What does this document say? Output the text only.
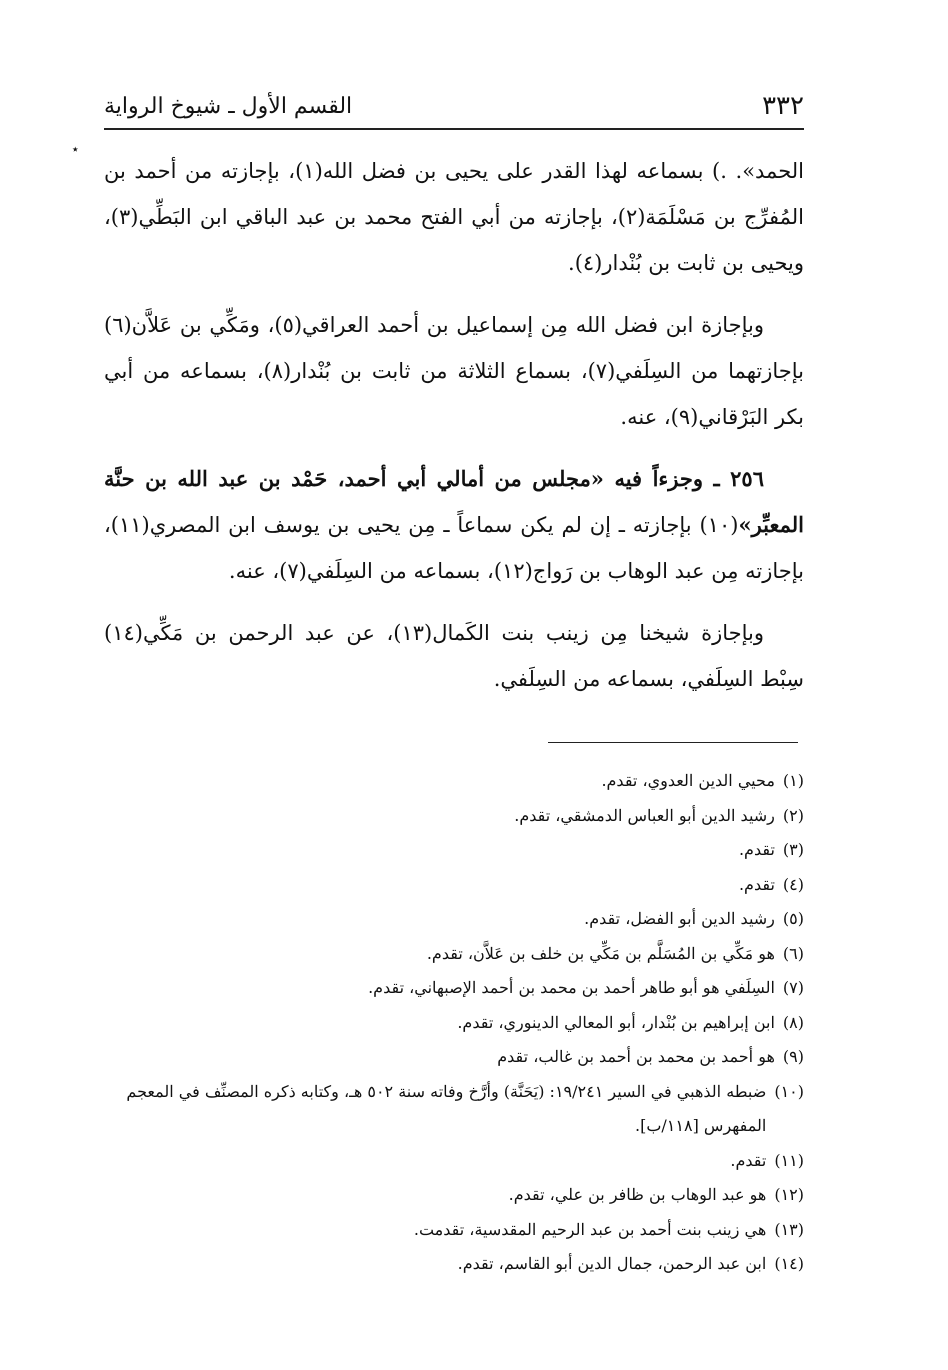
٣٣٢
القسم الأول ـ شيوخ الرواية
٭

الحمد». .) بسماعه لهذا القدر على يحيى بن فضل الله(١)، بإجازته من أحمد بن المُفرِّج بن مَسْلَمَة(٢)، بإجازته من أبي الفتح محمد بن عبد الباقي ابن البَطِّي(٣)، ويحيى بن ثابت بن بُنْدار(٤).

وبإجازة ابن فضل الله مِن إسماعيل بن أحمد العراقي(٥)، ومَكِّي بن عَلاَّن(٦) بإجازتهما من السِلَفي(٧)، بسماع الثلاثة من ثابت بن بُنْدار(٨)، بسماعه من أبي بكر البَرْقاني(٩)، عنه.

٢٥٦ ـ وجزءاً فيه «مجلس من أمالي أبي أحمد، حَمْد بن عبد الله بن حنَّة المعبِّر»(١٠) بإجازته ـ إن لم يكن سماعاً ـ مِن يحيى بن يوسف ابن المصري(١١)، بإجازته مِن عبد الوهاب بن رَواج(١٢)، بسماعه من السِلَفي(٧)، عنه.

وبإجازة شيخنا مِن زينب بنت الكَمال(١٣)، عن عبد الرحمن بن مَكِّي(١٤) سِبْط السِلَفي، بسماعه من السِلَفي.

(١)
محيي الدين العدوي، تقدم.
(٢)
رشيد الدين أبو العباس الدمشقي، تقدم.
(٣)
تقدم.
(٤)
تقدم.
(٥)
رشيد الدين أبو الفضل، تقدم.
(٦)
هو مَكِّي بن المُسَلَّم بن مَكِّي بن خلف بن عَلاَّن، تقدم.
(٧)
السِلَفي هو أبو طاهر أحمد بن محمد بن أحمد الإصبهاني، تقدم.
(٨)
ابن إبراهيم بن بُنْدار، أبو المعالي الدينوري، تقدم.
(٩)
هو أحمد بن محمد بن أحمد بن غالب، تقدم
(١٠)
ضبطه الذهبي في السير ١٩/٢٤١: (يَحَنَّة) وأرَّخ وفاته سنة ٥٠٢ هـ، وكتابه ذكره المصنِّف في المعجم المفهرس [١١٨/ب].
(١١)
تقدم.
(١٢)
هو عبد الوهاب بن ظافر بن علي، تقدم.
(١٣)
هي زينب بنت أحمد بن عبد الرحيم المقدسية، تقدمت.
(١٤)
ابن عبد الرحمن، جمال الدين أبو القاسم، تقدم.
